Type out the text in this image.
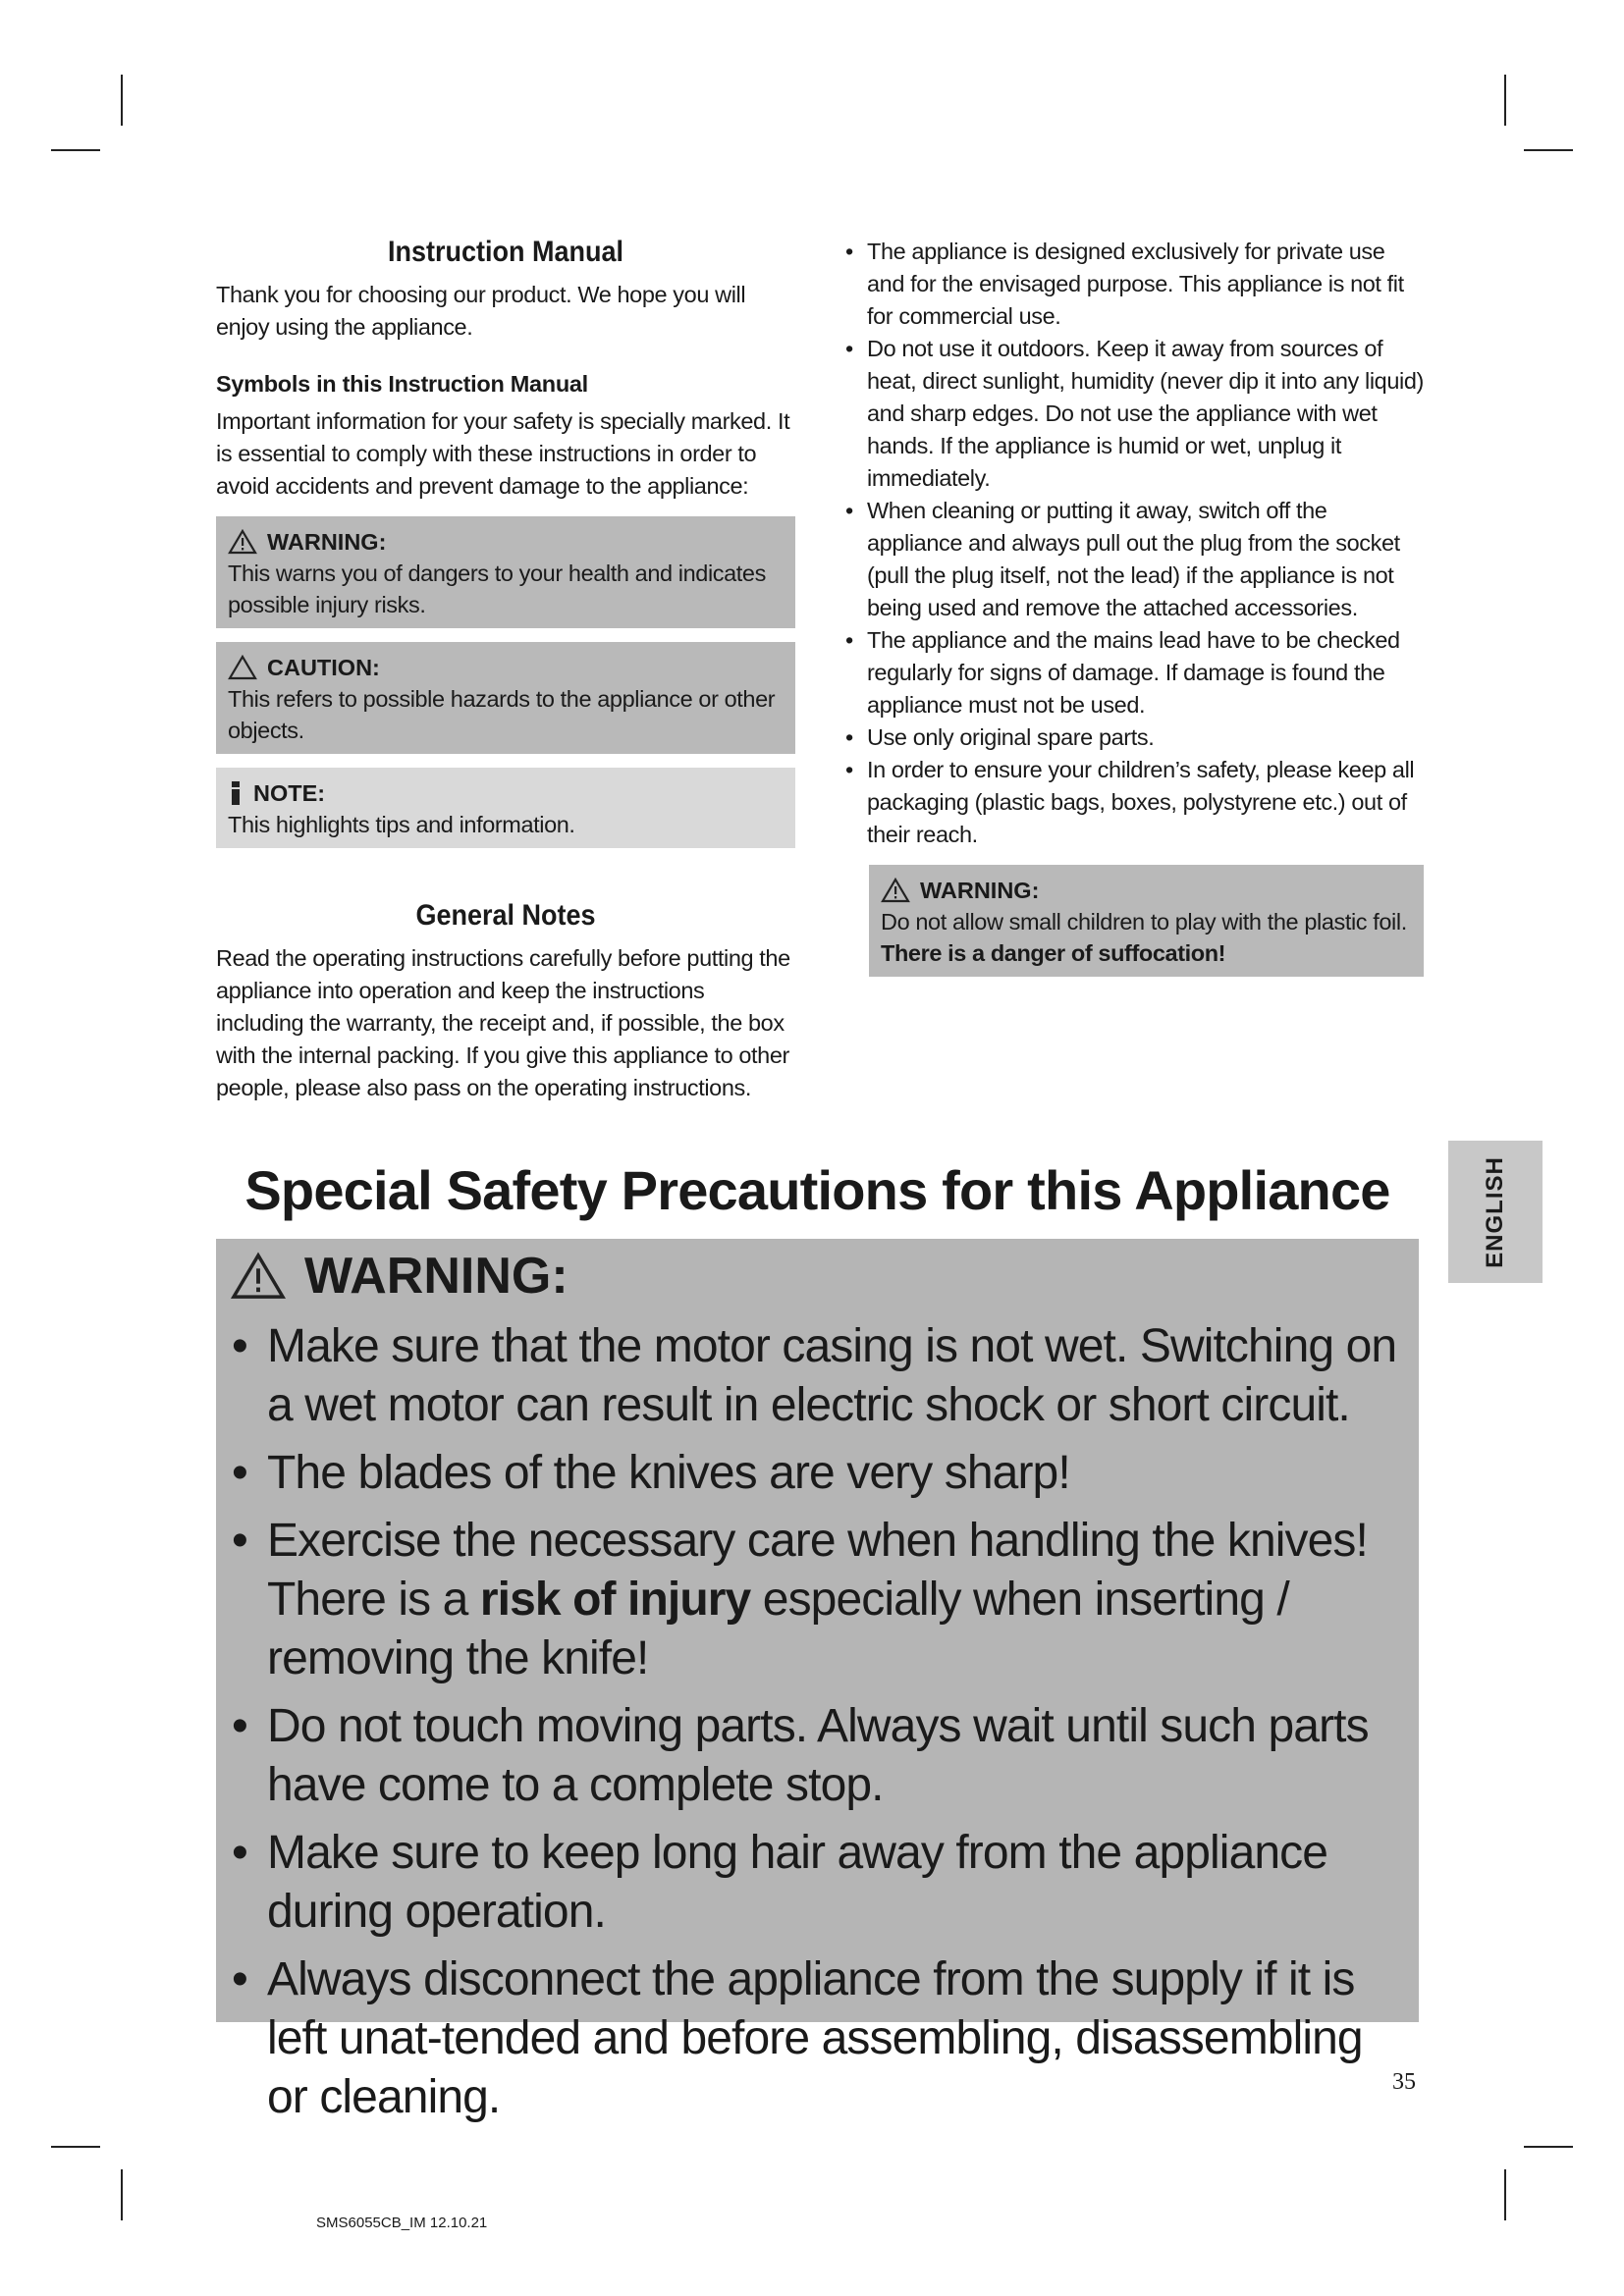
Instruction Manual

Thank you for choosing our product. We hope you will enjoy using the appliance.

Symbols in this Instruction Manual

Important information for your safety is specially marked. It is essential to comply with these instructions in order to avoid accidents and prevent damage to the appliance:

WARNING:
This warns you of dangers to your health and indicates possible injury risks.
CAUTION:
This refers to possible hazards to the appliance or other objects.
NOTE:
This highlights tips and information.
General Notes

Read the operating instructions carefully before putting the appliance into operation and keep the instructions including the warranty, the receipt and, if possible, the box with the internal packing. If you give this appliance to other people, please also pass on the operating instructions.

• The appliance is designed exclusively for private use and for the envisaged purpose. This appliance is not fit for commercial use.
• Do not use it outdoors. Keep it away from sources of heat, direct sunlight, humidity (never dip it into any liquid) and sharp edges. Do not use the appliance with wet hands. If the appliance is humid or wet, unplug it immediately.
• When cleaning or putting it away, switch off the appliance and always pull out the plug from the socket (pull the plug itself, not the lead) if the appliance is not being used and remove the attached accessories.
• The appliance and the mains lead have to be checked regularly for signs of damage. If damage is found the appliance must not be used.
• Use only original spare parts.
• In order to ensure your children’s safety, please keep all packaging (plastic bags, boxes, polystyrene etc.) out of their reach.
WARNING:
Do not allow small children to play with the plastic foil.
There is a danger of suffocation!
Special Safety Precautions for this Appliance
WARNING:
• Make sure that the motor casing is not wet. Switching on a wet motor can result in electric shock or short circuit.
• The blades of the knives are very sharp!
• Exercise the necessary care when handling the knives! There is a risk of injury especially when inserting / removing the knife!
• Do not touch moving parts. Always wait until such parts have come to a complete stop.
• Make sure to keep long hair away from the appliance during operation.
• Always disconnect the appliance from the supply if it is left unat-tended and before assembling, disassembling or cleaning.
ENGLISH
35
SMS6055CB_IM 12.10.21
